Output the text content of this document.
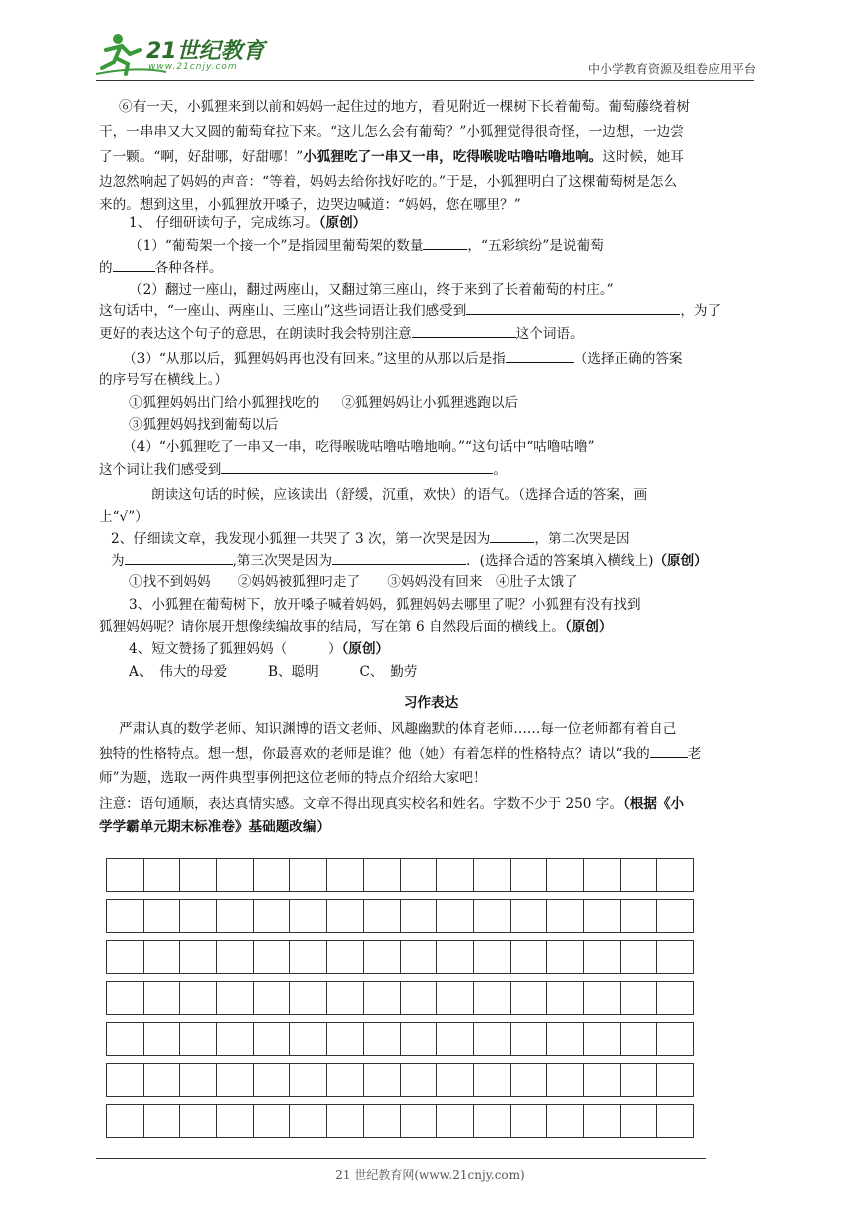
21世纪教育
www.21cnjy.com	中小学教育资源及组卷应用平台
⑥有一天，小狐狸来到以前和妈妈一起住过的地方，看见附近一棵树下长着葡萄。葡萄藤绕着树
干，一串串又大又圆的葡萄耷拉下来。“这儿怎么会有葡萄？”小狐狸觉得很奇怪，一边想，一边尝
了一颗。“啊，好甜哪，好甜哪！”小狐狸吃了一串又一串，吃得喉咙咕噜咕噜地响。这时候，她耳
边忽然响起了妈妈的声音：“等着，妈妈去给你找好吃的。”于是，小狐狸明白了这棵葡萄树是怎么
来的。想到这里，小狐狸放开嗓子，边哭边喊道：“妈妈，您在哪里？”
1、 仔细研读句子，完成练习。（原创）
（1）“葡萄架一个接一个”是指园里葡萄架的数量	，“五彩缤纷”是说葡萄
的	各种各样。
（2）翻过一座山，翻过两座山，又翻过第三座山，终于来到了长着葡萄的村庄。”
这句话中，“一座山、两座山、三座山”这些词语让我们感受到	，为了
更好的表达这个句子的意思，在朗读时我会特别注意	这个词语。
（3）“从那以后，狐狸妈妈再也没有回来。”这里的从那以后是指	（选择正确的答案
的序号写在横线上。）
①狐狸妈妈出门给小狐狸找吃的 ②狐狸妈妈让小狐狸逃跑以后
③狐狸妈妈找到葡萄以后
（4）“小狐狸吃了一串又一串，吃得喉咙咕噜咕噜地响。”“这句话中“咕噜咕噜”
这个词让我们感受到	。
朗读这句话的时候，应该读出（舒缓，沉重，欢快）的语气。（选择合适的答案，画
上“√”）
2、仔细读文章，我发现小狐狸一共哭了 3 次，第一次哭是因为	，第二次哭是因
为	,第三次哭是因为	．(选择合适的答案填入横线上)（原创）
①找不到妈妈　　②妈妈被狐狸叼走了　　③妈妈没有回来　④肚子太饿了
3、小狐狸在葡萄树下，放开嗓子喊着妈妈，狐狸妈妈去哪里了呢？小狐狸有没有找到
狐狸妈妈呢？请你展开想像续编故事的结局，写在第 6 自然段后面的横线上。（原创）
4、短文赞扬了狐狸妈妈（　　　）（原创）
A、　伟大的母爱　　　B、聪明　　　C、　勤劳
习作表达
严肃认真的数学老师、知识渊博的语文老师、风趣幽默的体育老师……每一位老师都有着自己
独特的性格特点。想一想，你最喜欢的老师是谁？他（她）有着怎样的性格特点？请以“我的	老
师”为题，选取一两件典型事例把这位老师的特点介绍给大家吧！
注意：语句通顺，表达真情实感。文章不得出现真实校名和姓名。字数不少于 250 字。（根据《小
学学霸单元期末标准卷》基础题改编）
21 世纪教育网(www.21cnjy.com)
